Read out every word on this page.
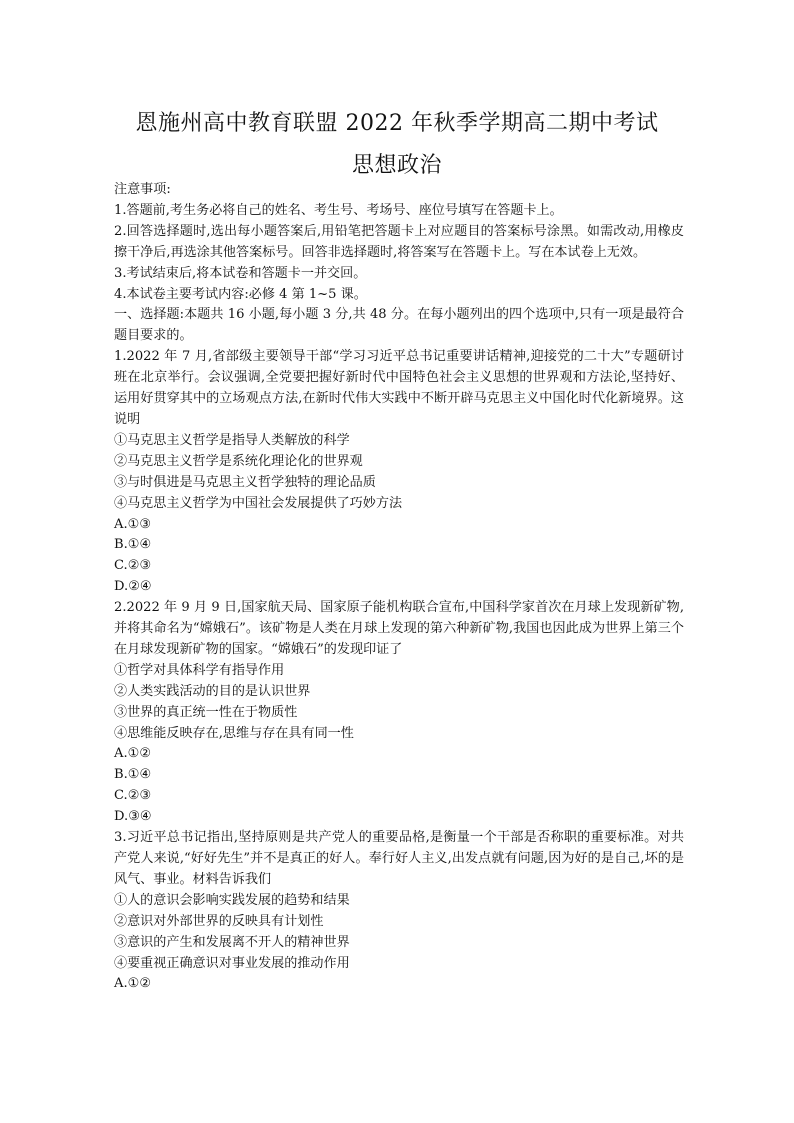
恩施州高中教育联盟 2022 年秋季学期高二期中考试
思想政治

注意事项:

1.答题前,考生务必将自己的姓名、考生号、考场号、座位号填写在答题卡上。

2.回答选择题时,选出每小题答案后,用铅笔把答题卡上对应题目的答案标号涂黑。如需改动,用橡皮擦干净后,再选涂其他答案标号。回答非选择题时,将答案写在答题卡上。写在本试卷上无效。

3.考试结束后,将本试卷和答题卡一并交回。

4.本试卷主要考试内容:必修 4 第 1~5 课。

一、选择题:本题共 16 小题,每小题 3 分,共 48 分。在每小题列出的四个选项中,只有一项是最符合题目要求的。

1.2022 年 7 月,省部级主要领导干部“学习习近平总书记重要讲话精神,迎接党的二十大”专题研讨班在北京举行。会议强调,全党要把握好新时代中国特色社会主义思想的世界观和方法论,坚持好、运用好贯穿其中的立场观点方法,在新时代伟大实践中不断开辟马克思主义中国化时代化新境界。这说明

①马克思主义哲学是指导人类解放的科学

②马克思主义哲学是系统化理论化的世界观

③与时俱进是马克思主义哲学独特的理论品质

④马克思主义哲学为中国社会发展提供了巧妙方法

A.①③

B.①④

C.②③

D.②④

2.2022 年 9 月 9 日,国家航天局、国家原子能机构联合宣布,中国科学家首次在月球上发现新矿物,并将其命名为“嫦娥石”。该矿物是人类在月球上发现的第六种新矿物,我国也因此成为世界上第三个在月球发现新矿物的国家。“嫦娥石”的发现印证了

①哲学对具体科学有指导作用

②人类实践活动的目的是认识世界

③世界的真正统一性在于物质性

④思维能反映存在,思维与存在具有同一性

A.①②

B.①④

C.②③

D.③④

3.习近平总书记指出,坚持原则是共产党人的重要品格,是衡量一个干部是否称职的重要标准。对共产党人来说,“好好先生”并不是真正的好人。奉行好人主义,出发点就有问题,因为好的是自己,坏的是风气、事业。材料告诉我们

①人的意识会影响实践发展的趋势和结果

②意识对外部世界的反映具有计划性

③意识的产生和发展离不开人的精神世界

④要重视正确意识对事业发展的推动作用

A.①②
